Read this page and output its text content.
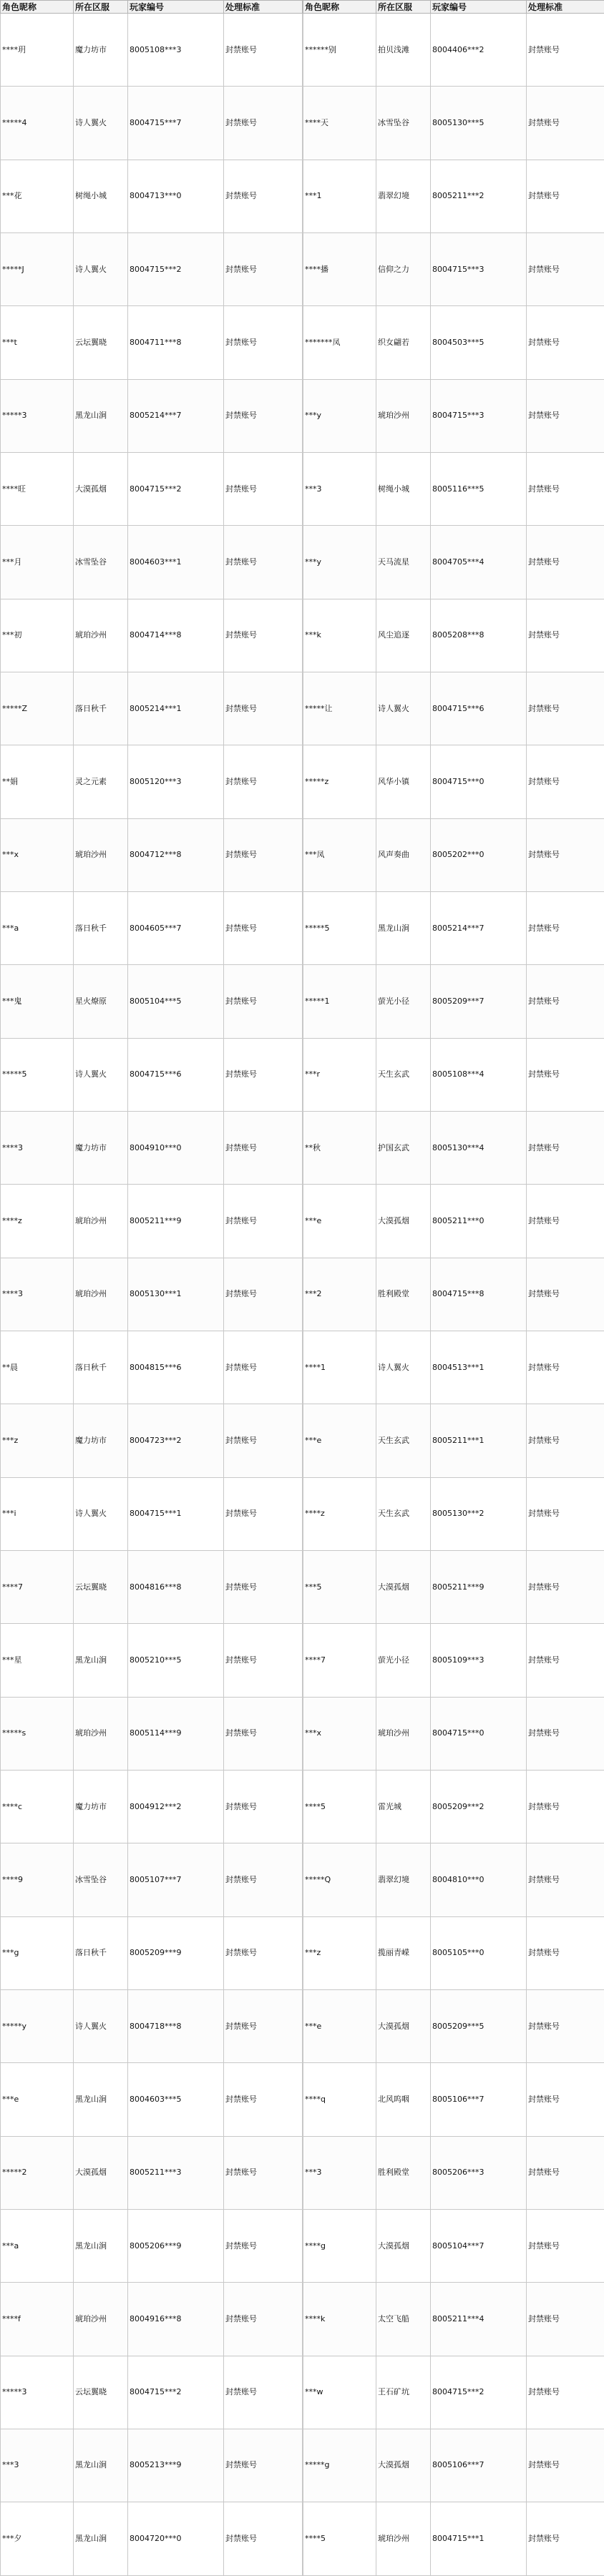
角色昵称	所在区服	玩家编号	处理标准
****玥	魔力坊市	8005108***3	封禁账号
*****4	诗人翼火	8004715***7	封禁账号
***花	树绳小城	8004713***0	封禁账号
*****J	诗人翼火	8004715***2	封禁账号
***t	云坛翼晓	8004711***8	封禁账号
*****3	黑龙山涧	8005214***7	封禁账号
****旺	大漠孤烟	8004715***2	封禁账号
***月	冰雪坠谷	8004603***1	封禁账号
***初	琥珀沙州	8004714***8	封禁账号
*****Z	落日秋千	8005214***1	封禁账号
**娟	灵之元素	8005120***3	封禁账号
***x	琥珀沙州	8004712***8	封禁账号
***a	落日秋千	8004605***7	封禁账号
***鬼	星火燎原	8005104***5	封禁账号
*****5	诗人翼火	8004715***6	封禁账号
****3	魔力坊市	8004910***0	封禁账号
****z	琥珀沙州	8005211***9	封禁账号
****3	琥珀沙州	8005130***1	封禁账号
**晨	落日秋千	8004815***6	封禁账号
***z	魔力坊市	8004723***2	封禁账号
***i	诗人翼火	8004715***1	封禁账号
****7	云坛翼晓	8004816***8	封禁账号
***星	黑龙山涧	8005210***5	封禁账号
*****s	琥珀沙州	8005114***9	封禁账号
****c	魔力坊市	8004912***2	封禁账号
****9	冰雪坠谷	8005107***7	封禁账号
***g	落日秋千	8005209***9	封禁账号
*****y	诗人翼火	8004718***8	封禁账号
***e	黑龙山涧	8004603***5	封禁账号
*****2	大漠孤烟	8005211***3	封禁账号
***a	黑龙山涧	8005206***9	封禁账号
****f	琥珀沙州	8004916***8	封禁账号
*****3	云坛翼晓	8004715***2	封禁账号
***3	黑龙山涧	8005213***9	封禁账号
***夕	黑龙山涧	8004720***0	封禁账号
角色昵称	所在区服	玩家编号	处理标准
******别	拍贝浅滩	8004406***2	封禁账号
****天	冰雪坠谷	8005130***5	封禁账号
***1	翡翠幻境	8005211***2	封禁账号
****播	信仰之力	8004715***3	封禁账号
*******凤	织女翩若	8004503***5	封禁账号
***y	琥珀沙州	8004715***3	封禁账号
***3	树绳小城	8005116***5	封禁账号
***y	天马流星	8004705***4	封禁账号
***k	风尘追逐	8005208***8	封禁账号
*****让	诗人翼火	8004715***6	封禁账号
*****z	风华小镇	8004715***0	封禁账号
***凤	风声奏曲	8005202***0	封禁账号
*****5	黑龙山涧	8005214***7	封禁账号
*****1	萤光小径	8005209***7	封禁账号
***r	天生玄武	8005108***4	封禁账号
**秋	护国玄武	8005130***4	封禁账号
***e	大漠孤烟	8005211***0	封禁账号
***2	胜利殿堂	8004715***8	封禁账号
****1	诗人翼火	8004513***1	封禁账号
***e	天生玄武	8005211***1	封禁账号
****z	天生玄武	8005130***2	封禁账号
***5	大漠孤烟	8005211***9	封禁账号
****7	萤光小径	8005109***3	封禁账号
***x	琥珀沙州	8004715***0	封禁账号
****5	雷光城	8005209***2	封禁账号
*****Q	翡翠幻境	8004810***0	封禁账号
***z	揽丽青嵘	8005105***0	封禁账号
***e	大漠孤烟	8005209***5	封禁账号
****q	北风呜咽	8005106***7	封禁账号
***3	胜利殿堂	8005206***3	封禁账号
****g	大漠孤烟	8005104***7	封禁账号
****k	太空飞船	8005211***4	封禁账号
***w	王石矿坑	8004715***2	封禁账号
*****g	大漠孤烟	8005106***7	封禁账号
****5	琥珀沙州	8004715***1	封禁账号
